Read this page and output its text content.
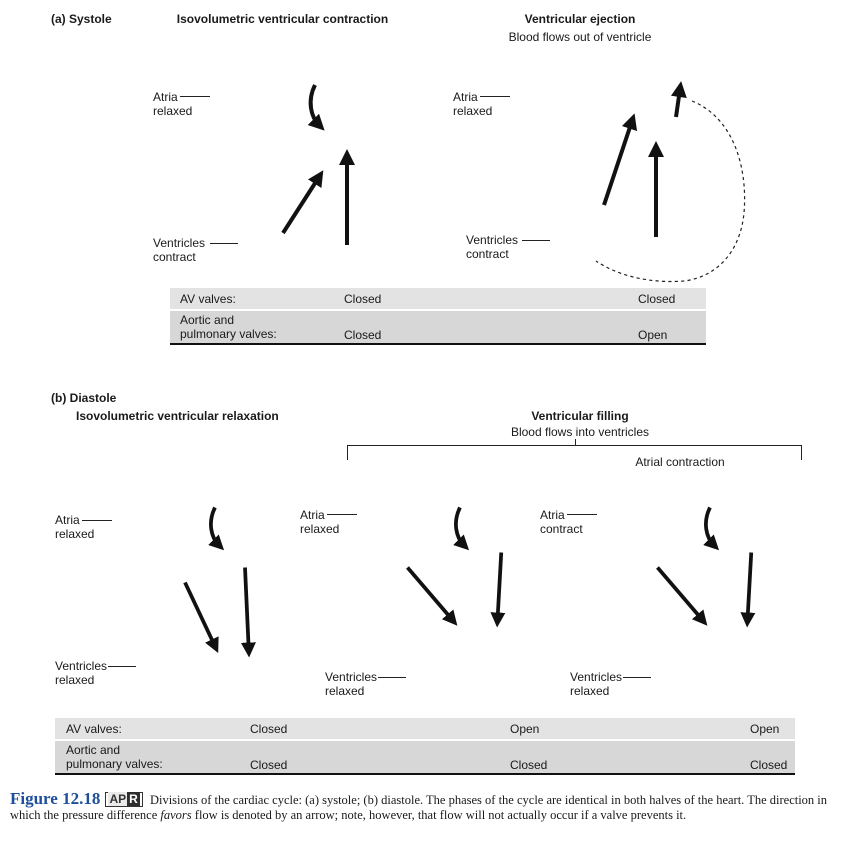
(a) Systole	Isovolumetric ventricular contraction	Ventricular ejection
Blood flows out of ventricle
Atria
relaxed
Atria
relaxed
Ventricles
contract
Ventricles
contract
AV valves:	Closed	Closed
Aortic and
pulmonary valves:	Closed	Open
(b) Diastole
Isovolumetric ventricular relaxation	Ventricular filling
Blood flows into ventricles
Atrial contraction
Atria
relaxed
Atria
relaxed
Atria
contract
Ventricles
relaxed	Ventricles
relaxed
Ventricles
relaxed
AV valves:	Closed	Open	Open
Aortic and
pulmonary valves:	Closed	Closed	Closed
Figure 12.18 AP R Divisions of the cardiac cycle: (a) systole; (b) diastole. The phases of the cycle are identical in both halves of the heart. The direction in which the pressure difference favors flow is denoted by an arrow; note, however, that flow will not actually occur if a valve prevents it.
